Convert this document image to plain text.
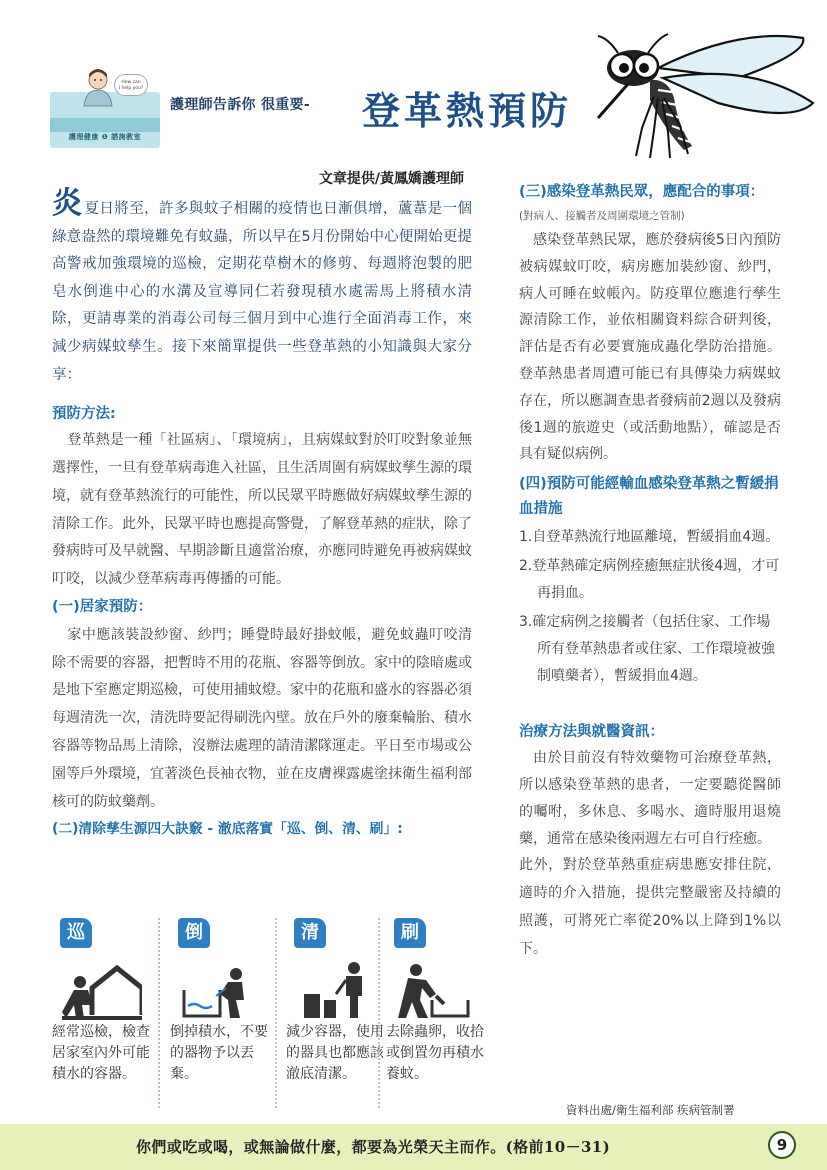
護理健康 ❶ 諮詢教室
How can
I help you?
護理師告訴你 很重要- 登革熱預防
文章提供/黃鳳嬌護理師

炎夏日將至，許多與蚊子相關的疫情也日漸俱增，蘆葦是一個綠意盎然的環境難免有蚊蟲，所以早在5月份開始中心便開始更提高警戒加強環境的巡檢，定期花草樹木的修剪、每週將泡製的肥皂水倒進中心的水溝及宣導同仁若發現積水處需馬上將積水清除，更請專業的消毒公司每三個月到中心進行全面消毒工作，來減少病媒蚊孳生。接下來簡單提供一些登革熱的小知識與大家分享：

預防方法:

登革熱是一種「社區病」、「環境病」，且病媒蚊對於叮咬對象並無選擇性，一旦有登革病毒進入社區，且生活周圍有病媒蚊孳生源的環境，就有登革熱流行的可能性，所以民眾平時應做好病媒蚊孳生源的清除工作。此外，民眾平時也應提高警覺，了解登革熱的症狀，除了發病時可及早就醫、早期診斷且適當治療，亦應同時避免再被病媒蚊叮咬，以減少登革病毒再傳播的可能。

(一)居家預防：

家中應該裝設紗窗、紗門；睡覺時最好掛蚊帳，避免蚊蟲叮咬清除不需要的容器，把暫時不用的花瓶、容器等倒放。家中的陰暗處或是地下室應定期巡檢，可使用捕蚊燈。家中的花瓶和盛水的容器必須每週清洗一次，清洗時要記得刷洗內壁。放在戶外的廢棄輪胎、積水容器等物品馬上清除，沒辦法處理的請清潔隊運走。平日至市場或公園等戶外環境，宜著淡色長袖衣物，並在皮膚裸露處塗抹衛生福利部核可的防蚊藥劑。

(二)清除孳生源四大訣竅 - 澈底落實「巡、倒、清、刷」:
巡
經常巡檢，檢查居家室內外可能積水的容器。
倒
倒掉積水，不要的器物予以丟棄。
清
減少容器，使用的器具也都應該澈底清潔。
刷
去除蟲卵，收拾或倒置勿再積水養蚊。
(三)感染登革熱民眾，應配合的事項：
(對病人、接觸者及周圍環境之管制)

感染登革熱民眾，應於發病後5日內預防被病媒蚊叮咬，病房應加裝紗窗、紗門，病人可睡在蚊帳內。防疫單位應進行孳生源清除工作，並依相關資料綜合研判後，評估是否有必要實施成蟲化學防治措施。登革熱患者周遭可能已有具傳染力病媒蚊存在，所以應調查患者發病前2週以及發病後1週的旅遊史（或活動地點），確認是否具有疑似病例。

(四)預防可能經輸血感染登革熱之暫緩捐血措施
1.自登革熱流行地區離境，暫緩捐血4週。
2.登革熱確定病例痊癒無症狀後4週，才可再捐血。
3.確定病例之接觸者（包括住家、工作場所有登革熱患者或住家、工作環境被強制噴藥者），暫緩捐血4週。
治療方法與就醫資訊：

由於目前沒有特效藥物可治療登革熱，所以感染登革熱的患者，一定要聽從醫師的囑咐，多休息、多喝水、適時服用退燒藥，通常在感染後兩週左右可自行痊癒。

此外，對於登革熱重症病患應安排住院，適時的介入措施，提供完整嚴密及持續的照護，可將死亡率從20%以上降到1%以下。

資料出處/衛生福利部 疾病管制署
你們或吃或喝，或無論做什麼，都要為光榮天主而作。(格前10－31)	9
